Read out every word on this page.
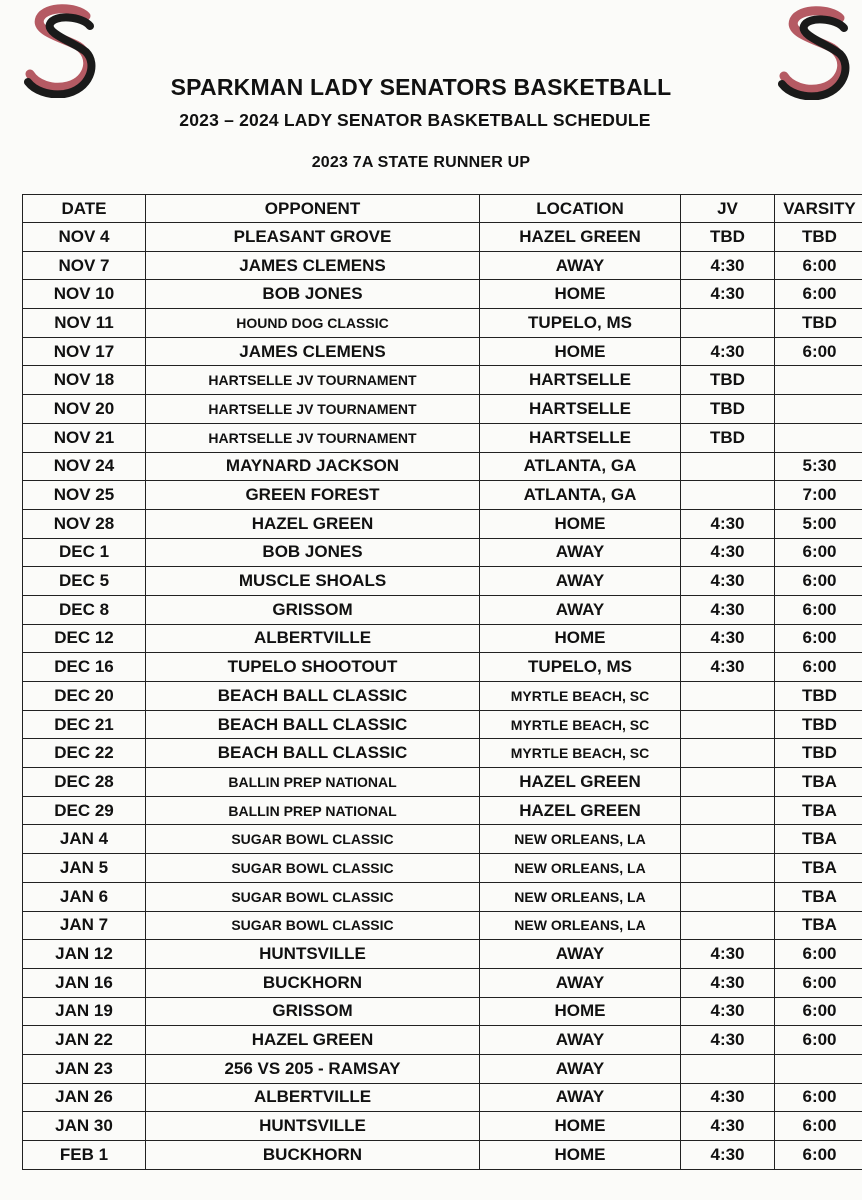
SPARKMAN LADY SENATORS BASKETBALL
2023 – 2024 LADY SENATOR BASKETBALL SCHEDULE
2023 7A STATE RUNNER UP
DATE	OPPONENT	LOCATION	JV	VARSITY
NOV 4	PLEASANT GROVE	HAZEL GREEN	TBD	TBD
NOV 7	JAMES CLEMENS	AWAY	4:30	6:00
NOV 10	BOB JONES	HOME	4:30	6:00
NOV 11	HOUND DOG CLASSIC	TUPELO, MS		TBD
NOV 17	JAMES CLEMENS	HOME	4:30	6:00
NOV 18	HARTSELLE JV TOURNAMENT	HARTSELLE	TBD	
NOV 20	HARTSELLE JV TOURNAMENT	HARTSELLE	TBD	
NOV 21	HARTSELLE JV TOURNAMENT	HARTSELLE	TBD	
NOV 24	MAYNARD JACKSON	ATLANTA, GA		5:30
NOV 25	GREEN FOREST	ATLANTA, GA		7:00
NOV 28	HAZEL GREEN	HOME	4:30	5:00
DEC 1	BOB JONES	AWAY	4:30	6:00
DEC 5	MUSCLE SHOALS	AWAY	4:30	6:00
DEC 8	GRISSOM	AWAY	4:30	6:00
DEC 12	ALBERTVILLE	HOME	4:30	6:00
DEC 16	TUPELO SHOOTOUT	TUPELO, MS	4:30	6:00
DEC 20	BEACH BALL CLASSIC	MYRTLE BEACH, SC		TBD
DEC 21	BEACH BALL CLASSIC	MYRTLE BEACH, SC		TBD
DEC 22	BEACH BALL CLASSIC	MYRTLE BEACH, SC		TBD
DEC 28	BALLIN PREP NATIONAL	HAZEL GREEN		TBA
DEC 29	BALLIN PREP NATIONAL	HAZEL GREEN		TBA
JAN 4	SUGAR BOWL CLASSIC	NEW ORLEANS, LA		TBA
JAN 5	SUGAR BOWL CLASSIC	NEW ORLEANS, LA		TBA
JAN 6	SUGAR BOWL CLASSIC	NEW ORLEANS, LA		TBA
JAN 7	SUGAR BOWL CLASSIC	NEW ORLEANS, LA		TBA
JAN 12	HUNTSVILLE	AWAY	4:30	6:00
JAN 16	BUCKHORN	AWAY	4:30	6:00
JAN 19	GRISSOM	HOME	4:30	6:00
JAN 22	HAZEL GREEN	AWAY	4:30	6:00
JAN 23	256 VS 205 - RAMSAY	AWAY		
JAN 26	ALBERTVILLE	AWAY	4:30	6:00
JAN 30	HUNTSVILLE	HOME	4:30	6:00
FEB 1	BUCKHORN	HOME	4:30	6:00
